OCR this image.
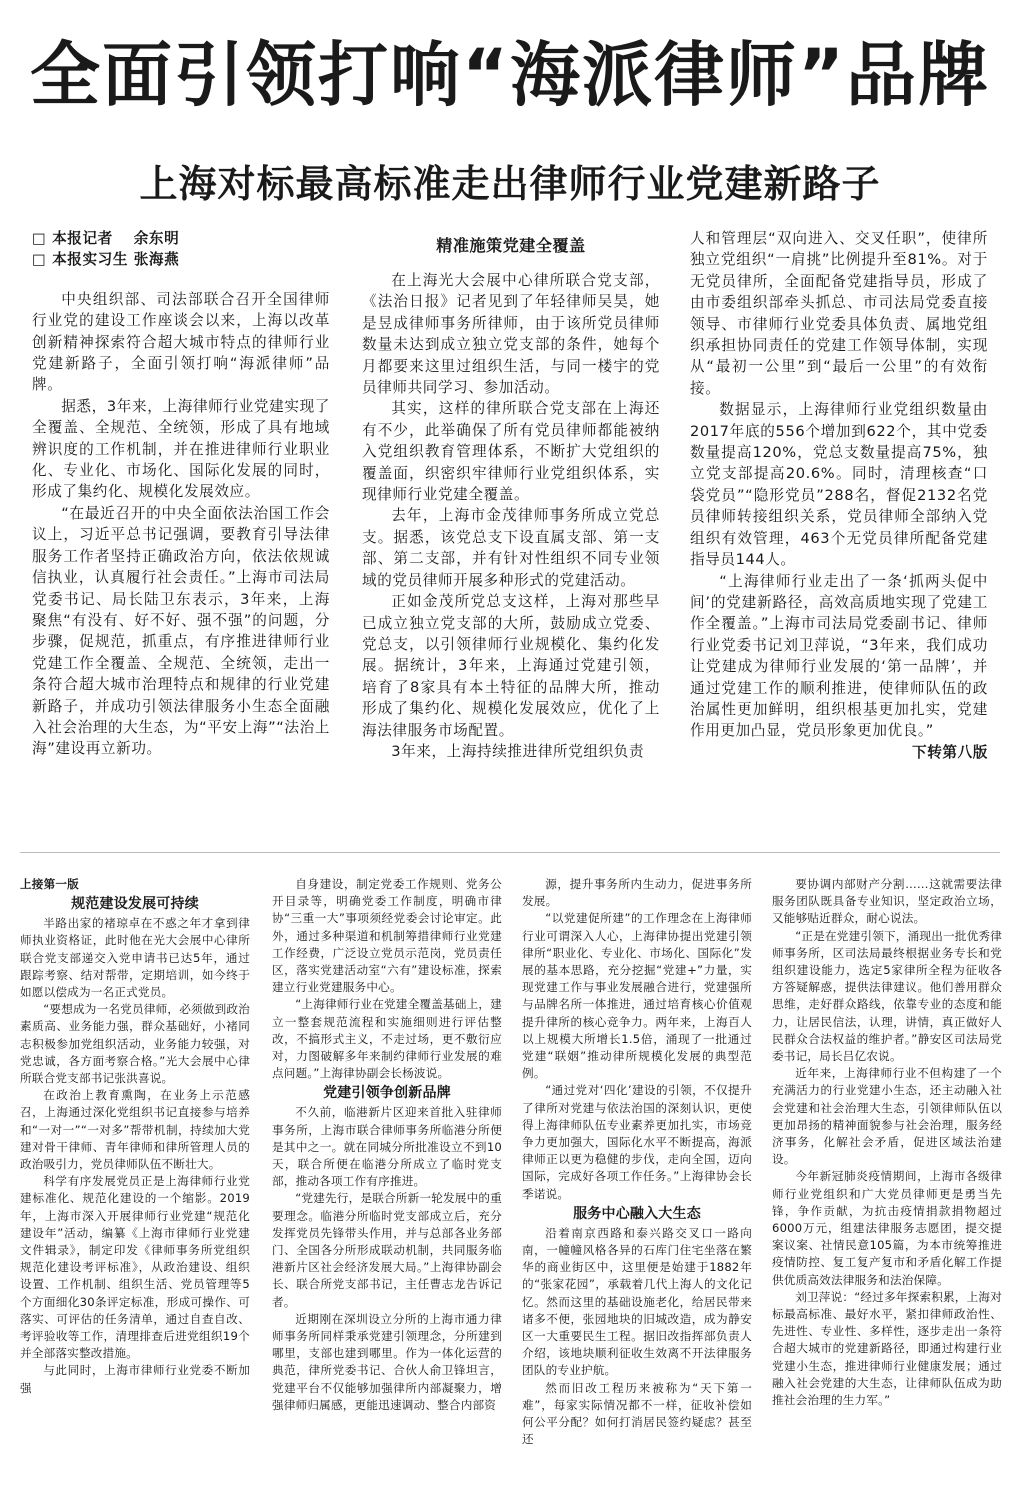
全面引领打响“海派律师”品牌
上海对标最高标准走出律师行业党建新路子

□ 本报记者　 余东明

□ 本报实习生 张海燕

中央组织部、司法部联合召开全国律师行业党的建设工作座谈会以来，上海以改革创新精神探索符合超大城市特点的律师行业党建新路子，全面引领打响“海派律师”品牌。

据悉，3年来，上海律师行业党建实现了全覆盖、全规范、全统领，形成了具有地域辨识度的工作机制，并在推进律师行业职业化、专业化、市场化、国际化发展的同时，形成了集约化、规模化发展效应。

“在最近召开的中央全面依法治国工作会议上，习近平总书记强调，要教育引导法律服务工作者坚持正确政治方向，依法依规诚信执业，认真履行社会责任。”上海市司法局党委书记、局长陆卫东表示，3年来，上海聚焦“有没有、好不好、强不强”的问题，分步骤，促规范，抓重点，有序推进律师行业党建工作全覆盖、全规范、全统领，走出一条符合超大城市治理特点和规律的行业党建新路子，并成功引领法律服务小生态全面融入社会治理的大生态，为“平安上海”“法治上海”建设再立新功。

精准施策党建全覆盖

在上海光大会展中心律所联合党支部，《法治日报》记者见到了年轻律师吴昊，她是昱成律师事务所律师，由于该所党员律师数量未达到成立独立党支部的条件，她每个月都要来这里过组织生活，与同一楼宇的党员律师共同学习、参加活动。

其实，这样的律所联合党支部在上海还有不少，此举确保了所有党员律师都能被纳入党组织教育管理体系，不断扩大党组织的覆盖面，织密织牢律师行业党组织体系，实现律师行业党建全覆盖。

去年，上海市金茂律师事务所成立党总支。据悉，该党总支下设直属支部、第一支部、第二支部，并有针对性组织不同专业领域的党员律师开展多种形式的党建活动。

正如金茂所党总支这样，上海对那些早已成立独立党支部的大所，鼓励成立党委、党总支，以引领律师行业规模化、集约化发展。据统计，3年来，上海通过党建引领，培育了8家具有本土特征的品牌大所，推动形成了集约化、规模化发展效应，优化了上海法律服务市场配置。

3年来，上海持续推进律所党组织负责

人和管理层“双向进入、交叉任职”，使律所独立党组织“一肩挑”比例提升至81%。对于无党员律所，全面配备党建指导员，形成了由市委组织部牵头抓总、市司法局党委直接领导、市律师行业党委具体负责、属地党组织承担协同责任的党建工作领导体制，实现从“最初一公里”到“最后一公里”的有效衔接。

数据显示，上海律师行业党组织数量由2017年底的556个增加到622个，其中党委数量提高120%，党总支数量提高75%，独立党支部提高20.6%。同时，清理核查“口袋党员”“隐形党员”288名，督促2132名党员律师转接组织关系，党员律师全部纳入党组织有效管理，463个无党员律所配备党建指导员144人。

“上海律师行业走出了一条‘抓两头促中间’的党建新路径，高效高质地实现了党建工作全覆盖。”上海市司法局党委副书记、律师行业党委书记刘卫萍说，“3年来，我们成功让党建成为律师行业发展的‘第一品牌’，并通过党建工作的顺利推进，使律师队伍的政治属性更加鲜明，组织根基更加扎实，党建作用更加凸显，党员形象更加优良。”

下转第八版

上接第一版

规范建设发展可持续

半路出家的褚琼卓在不惑之年才拿到律师执业资格证，此时他在光大会展中心律所联合党支部递交入党申请书已达5年，通过跟踪考察、结对帮带，定期培训，如今终于如愿以偿成为一名正式党员。

“要想成为一名党员律师，必须做到政治素质高、业务能力强，群众基础好，小褚同志积极参加党组织活动，业务能力较强，对党忠诚，各方面考察合格。”光大会展中心律所联合党支部书记张洪喜说。

在政治上教育熏陶，在业务上示范感召，上海通过深化党组织书记直接参与培养和“一对一”“一对多”帮带机制，持续加大党建对骨干律师、青年律师和律所管理人员的政治吸引力，党员律师队伍不断壮大。

科学有序发展党员正是上海律师行业党建标准化、规范化建设的一个缩影。2019年，上海市深入开展律师行业党建“规范化建设年”活动，编纂《上海市律师行业党建文件辑录》，制定印发《律师事务所党组织规范化建设考评标准》，从政治建设、组织设置、工作机制、组织生活、党员管理等5个方面细化30条评定标准，形成可操作、可落实、可评估的任务清单，通过自查自改、考评验收等工作，清理排查后进党组织19个并全部落实整改措施。

与此同时，上海市律师行业党委不断加强

自身建设，制定党委工作规则、党务公开目录等，明确党委工作制度，明确市律协“三重一大”事项须经党委会讨论审定。此外，通过多种渠道和机制筹措律师行业党建工作经费，广泛设立党员示范岗，党员责任区，落实党建活动室“六有”建设标准，探索建立行业党建服务中心。

“上海律师行业在党建全覆盖基础上，建立一整套规范流程和实施细则进行评估整改，不搞形式主义，不走过场，更不敷衍应对，力图破解多年来制约律师行业发展的难点问题。”上海律协副会长杨波说。

党建引领争创新品牌

不久前，临港新片区迎来首批入驻律师事务所，上海市联合律师事务所临港分所便是其中之一。就在同城分所批准设立不到10天，联合所便在临港分所成立了临时党支部，推动各项工作有序推进。

“党建先行，是联合所新一轮发展中的重要理念。临港分所临时党支部成立后，充分发挥党员先锋带头作用，并与总部各业务部门、全国各分所形成联动机制，共同服务临港新片区社会经济发展大局。”上海律协副会长、联合所党支部书记，主任曹志龙告诉记者。

近期刚在深圳设立分所的上海市通力律师事务所同样秉承党建引领理念，分所建到哪里，支部也建到哪里。作为一体化运营的典范，律所党委书记、合伙人俞卫锋坦言，党建平台不仅能够加强律所内部凝聚力，增强律师归属感，更能迅速调动、整合内部资

源，提升事务所内生动力，促进事务所发展。

“以党建促所建”的工作理念在上海律师行业可谓深入人心，上海律协提出党建引领律所“职业化、专业化、市场化、国际化”发展的基本思路，充分挖掘“党建+”力量，实现党建工作与事业发展融合进行，党建强所与品牌名所一体推进，通过培育核心价值观提升律所的核心竞争力。两年来，上海百人以上规模大所增长1.5倍，涌现了一批通过党建“联姻”推动律所规模化发展的典型范例。

“通过党对‘四化’建设的引领，不仅提升了律所对党建与依法治国的深刻认识，更使得上海律师队伍专业素养更加扎实，市场竞争力更加强大，国际化水平不断提高，海派律师正以更为稳健的步伐，走向全国，迈向国际，完成好各项工作任务。”上海律协会长季诺说。

服务中心融入大生态

沿着南京西路和泰兴路交叉口一路向南，一幢幢风格各异的石库门住宅坐落在繁华的商业街区中，这里便是始建于1882年的“张家花园”，承载着几代上海人的文化记忆。然而这里的基础设施老化，给居民带来诸多不便，张园地块的旧城改造，成为静安区一大重要民生工程。据旧改指挥部负责人介绍，该地块顺利征收生效离不开法律服务团队的专业护航。

然而旧改工程历来被称为“天下第一难”，每家实际情况都不一样，征收补偿如何公平分配？如何打消居民签约疑虑？甚至还

要协调内部财产分割……这就需要法律服务团队既具备专业知识，坚定政治立场，又能够贴近群众，耐心说法。

“正是在党建引领下，涌现出一批优秀律师事务所，区司法局最终根据业务专长和党组织建设能力，选定5家律所全程为征收各方答疑解惑，提供法律建议。他们善用群众思维，走好群众路线，依靠专业的态度和能力，让居民信法，认理，讲情，真正做好人民群众合法权益的维护者。”静安区司法局党委书记，局长吕亿农说。

近年来，上海律师行业不但构建了一个充满活力的行业党建小生态，还主动融入社会党建和社会治理大生态，引领律师队伍以更加昂扬的精神面貌参与社会治理，服务经济事务，化解社会矛盾，促进区域法治建设。

今年新冠肺炎疫情期间，上海市各级律师行业党组织和广大党员律师更是勇当先锋，争作贡献，为抗击疫情捐款捐物超过6000万元，组建法律服务志愿团，提交提案议案、社情民意105篇，为本市统筹推进疫情防控、复工复产复市和矛盾化解工作提供优质高效法律服务和法治保障。

刘卫萍说：“经过多年探索积累，上海对标最高标准、最好水平，紧扣律师政治性、先进性、专业性、多样性，逐步走出一条符合超大城市的党建新路径，即通过构建行业党建小生态，推进律师行业健康发展；通过融入社会党建的大生态，让律师队伍成为助推社会治理的生力军。”
